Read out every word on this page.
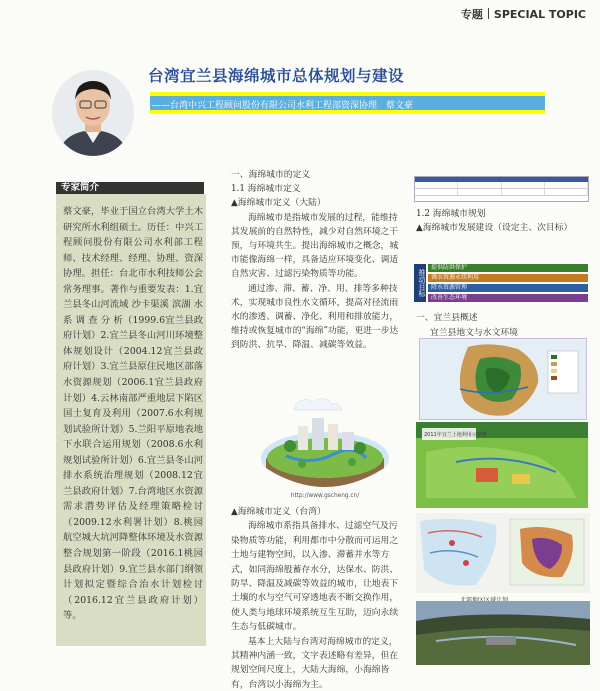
专题 SPECIAL TOPIC
台湾宜兰县海绵城市总体规划与建设
——台湾中兴工程顾问股份有限公司水利工程部资深协理　蔡文豪
专家简介
蔡文豪，毕业于国立台湾大学土木研究所水利组硕士。历任：中兴工程顾问股份有限公司水利部工程师、技术经理、经理、协理、资深协理。担任：台北市水利技师公会常务理事。著作与重要发表：1.宜兰县冬山河流域 沙卡渠溪 滨湖 水系 调 查 分 析（1999.6宜兰县政府计划）2.宜兰县冬山河川环境整体规划设计（2004.12宜兰县政府计划）3.宜兰县原住民地区部落水资源规划（2006.1宜兰县政府计划）4.云林南部严重地层下陷区国土复育及利用（2007.6水利规划试验所计划）5.兰阳平原地表地下水联合运用规划（2008.6水利规划试验所计划）6.宜兰县冬山河排水系统治理规划（2008.12宜兰县政府计划）7.台湾地区水资源需求潜势评估及经理策略检讨（2009.12水利署计划）8.桃园航空城大坑河降整体环境及水资源整合规划第一阶段（2016.1桃园县政府计划）9.宜兰县水部门纲领计划拟定暨综合治水计划检讨（2016.12宜兰县政府计划）等。

一、海绵城市的定义

1.1 海绵城市定义

▲海绵城市定义（大陆）

海绵城市是指城市发展的过程，能维持其发展前的自然特性，减少对自然环境之干预，与环境共生。提出海绵城市之概念，城市能像海绵一样，具备适应环境变化、调适自然灾害、过滤污染物质等功能。

通过渗、滞、蓄、净、用、排等多种技术，实现城市良性水文循环，提高对径流雨水的渗透、调蓄、净化、利用和排放能力，维持或恢复城市的“海绵”功能，更进一步达到防洪、抗旱、降温、减碳等效益。

http://www.gscheng.cn/

▲海绵城市定义（台湾）

海绵城市系指具备排水、过滤空气及污染物质等功能，利用都市中分散而可运用之土地与建物空间，以入渗、滞蓄并水等方式，如同海绵般蓄存水分，达保水、防洪、防旱、降温及减碳等效益的城市，让地表下土壤的水与空气可穿透地表不断交换作用，使人类与地球环境系统互生互助，迈向永续生态与低碳城市。

基本上大陆与台湾对海绵城市的定义，其精神内涵一致，文字表述略有差异，但在规划空间尺度上，大陆大海绵，小海绵皆有，台湾以小海绵为主。

1.2 海绵城市规划

▲海绵城市发展建设（设定主、次目标）

推动目标
提供防洪保护
调水资源永续利用
降水资源管理
改善生态环境

一、宜兰县概述

宜兰县地文与水文环境

2011年宜兰土地利用示意图
